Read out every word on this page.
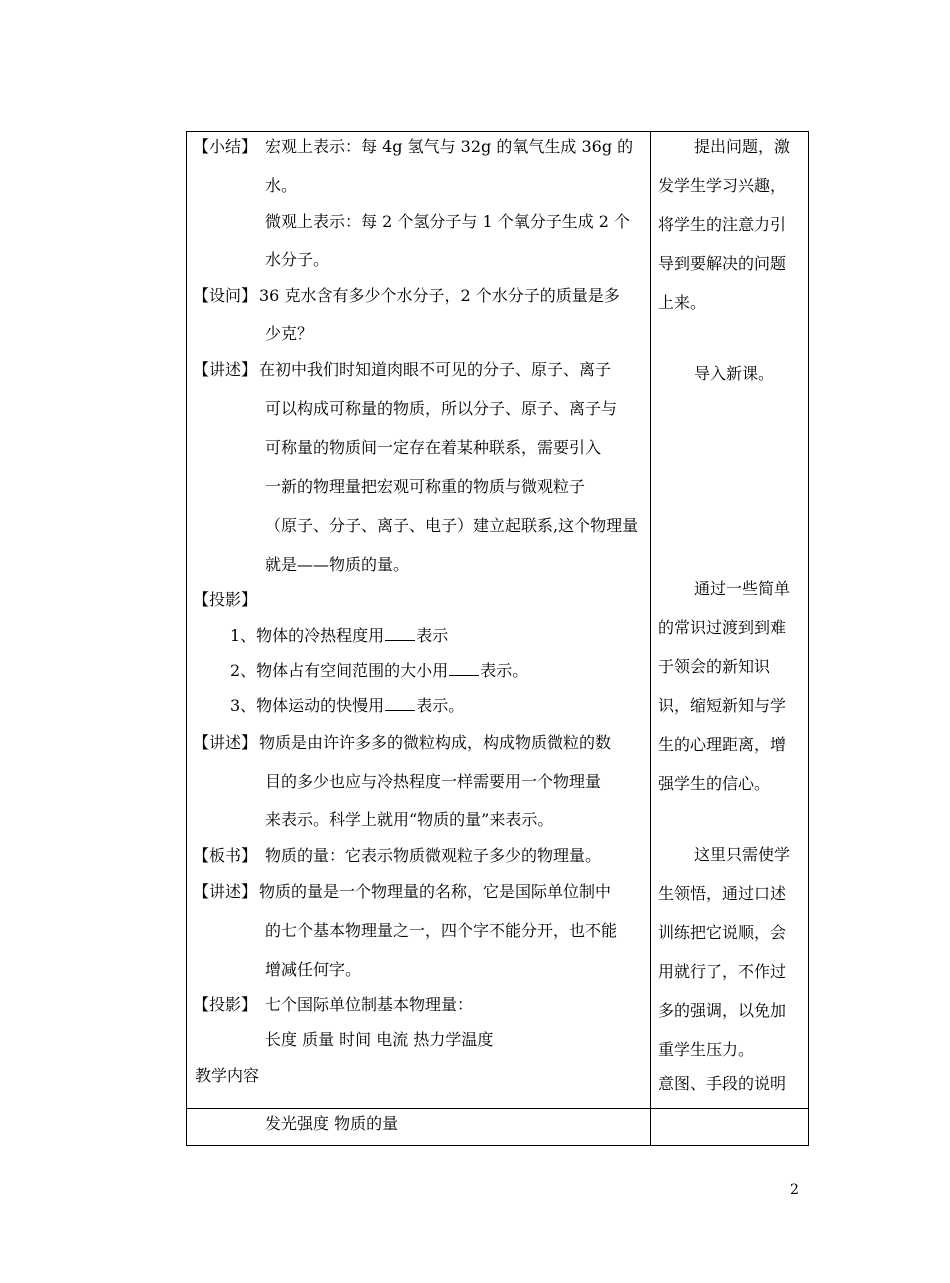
【小结】 宏观上表示：每 4g 氢气与 32g 的氧气生成 36g 的
水。
微观上表示：每 2 个氢分子与 1 个氧分子生成 2 个
水分子。
【设问】 36 克水含有多少个水分子，2 个水分子的质量是多
少克？
【讲述】 在初中我们时知道肉眼不可见的分子、原子、离子
可以构成可称量的物质，所以分子、原子、离子与
可称量的物质间一定存在着某种联系，需要引入
一新的物理量把宏观可称重的物质与微观粒子
（原子、分子、离子、电子）建立起联系,这个物理量
就是——物质的量。
【投影】
1、物体的冷热程度用 表示
2、物体占有空间范围的大小用 表示。
3、物体运动的快慢用 表示。
【讲述】 物质是由许许多多的微粒构成，构成物质微粒的数
目的多少也应与冷热程度一样需要用一个物理量
来表示。科学上就用“物质的量”来表示。
【板书】 物质的量：它表示物质微观粒子多少的物理量。
【讲述】 物质的量是一个物理量的名称，它是国际单位制中
的七个基本物理量之一，四个字不能分开，也不能
增减任何字。
【投影】 七个国际单位制基本物理量：
长度 质量 时间 电流 热力学温度
教学内容
发光强度 物质的量
提出问题，激
发学生学习兴趣，
将学生的注意力引
导到要解决的问题
上来。
导入新课。
通过一些简单
的常识过渡到到难
于领会的新知识
识，缩短新知与学
生的心理距离，增
强学生的信心。
这里只需使学
生领悟，通过口述
训练把它说顺，会
用就行了，不作过
多的强调，以免加
重学生压力。
意图、手段的说明
2
